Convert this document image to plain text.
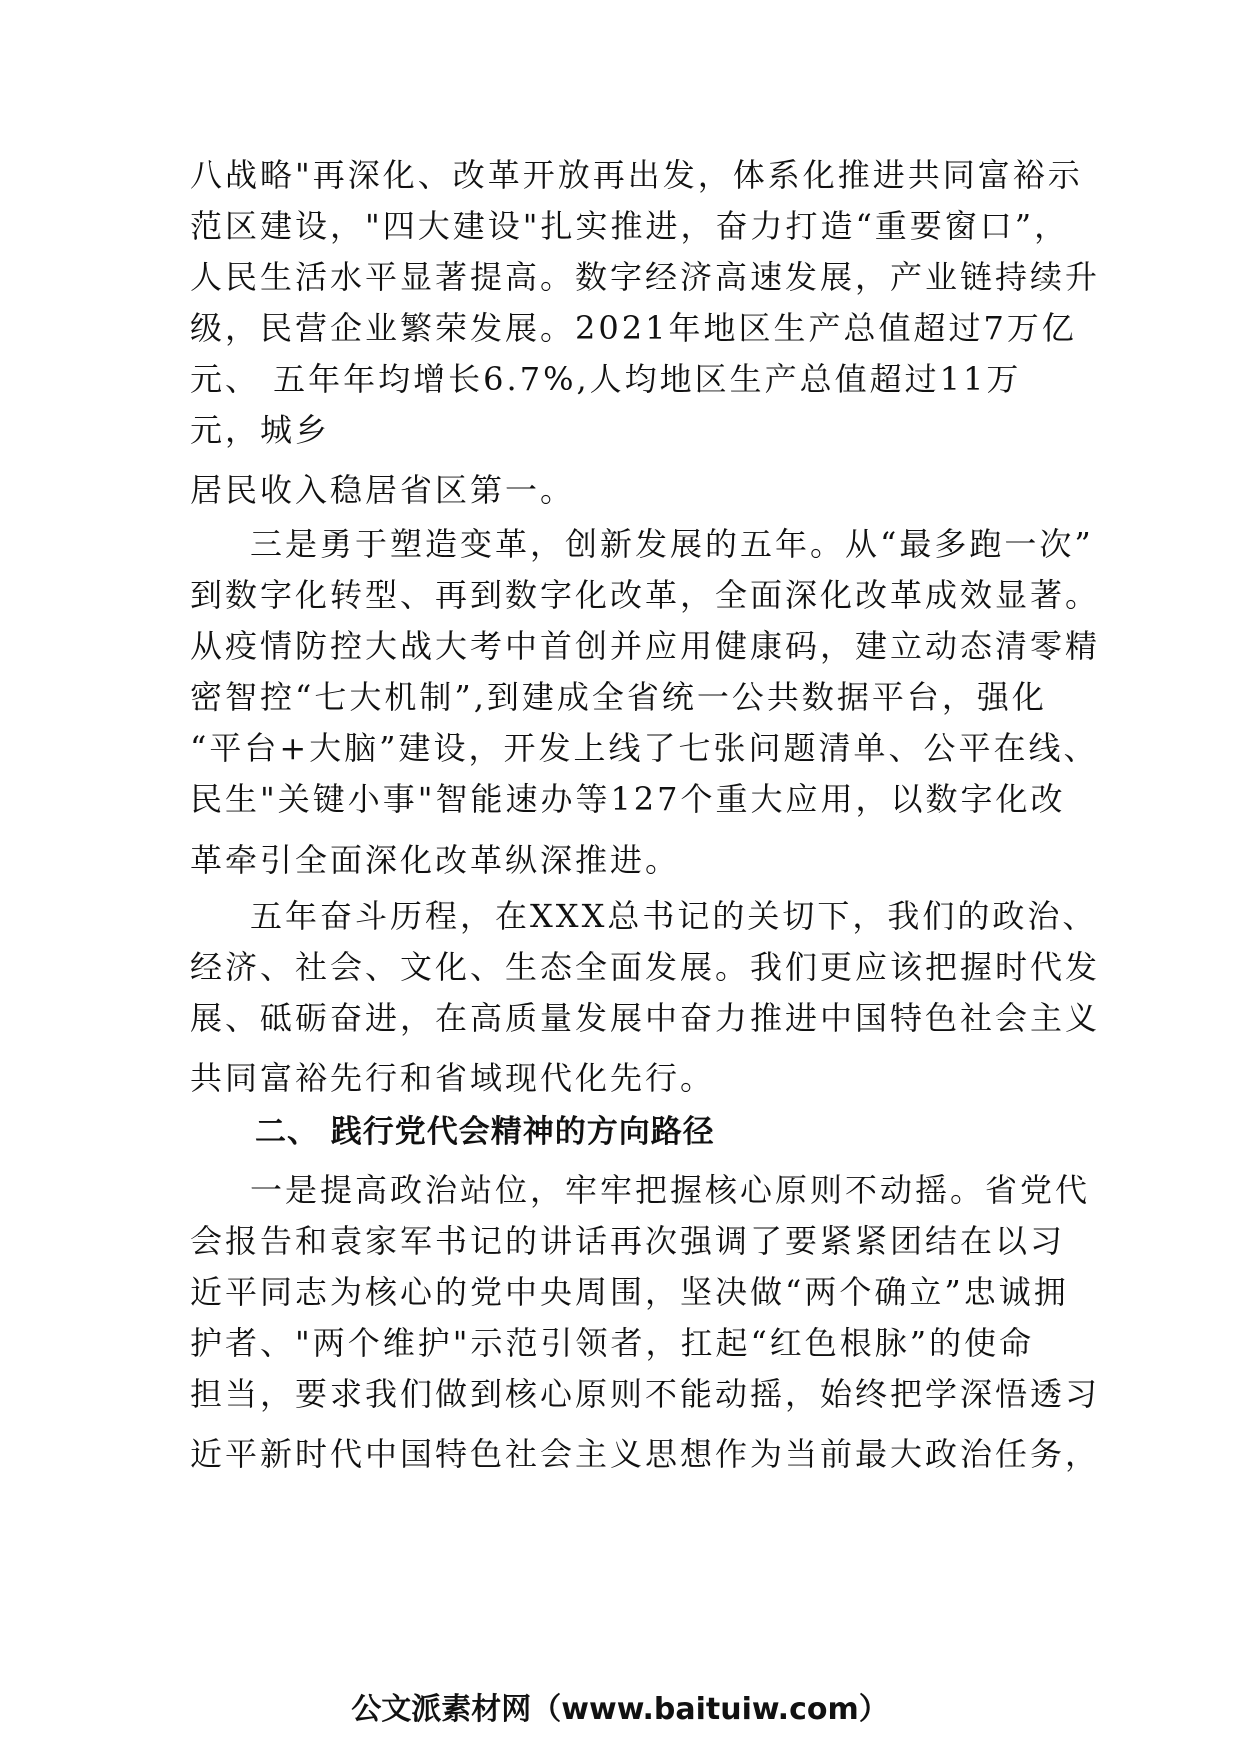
八战略"再深化、改革开放再出发，体系化推进共同富裕示
范区建设，"四大建设"扎实推进，奋力打造“重要窗口”，
人民生活水平显著提高。数字经济高速发展，产业链持续升
级，民营企业繁荣发展。2021年地区生产总值超过7万亿
元、 五年年均增长6.7%,人均地区生产总值超过11万
元，城乡
居民收入稳居省区第一。
三是勇于塑造变革，创新发展的五年。从“最多跑一次”
到数字化转型、再到数字化改革，全面深化改革成效显著。
从疫情防控大战大考中首创并应用健康码，建立动态清零精
密智控“七大机制”,到建成全省统一公共数据平台，强化
“平台+大脑”建设，开发上线了七张问题清单、公平在线、
民生"关键小事"智能速办等127个重大应用，以数字化改
革牵引全面深化改革纵深推进。
五年奋斗历程，在XXX总书记的关切下，我们的政治、
经济、社会、文化、生态全面发展。我们更应该把握时代发
展、砥砺奋进，在高质量发展中奋力推进中国特色社会主义
共同富裕先行和省域现代化先行。
二、 践行党代会精神的方向路径
一是提高政治站位，牢牢把握核心原则不动摇。省党代
会报告和袁家军书记的讲话再次强调了要紧紧团结在以习
近平同志为核心的党中央周围，坚决做“两个确立”忠诚拥
护者、"两个维护"示范引领者，扛起“红色根脉”的使命
担当，要求我们做到核心原则不能动摇，始终把学深悟透习
近平新时代中国特色社会主义思想作为当前最大政治任务，
公文派素材网（www.baituiw.com）
